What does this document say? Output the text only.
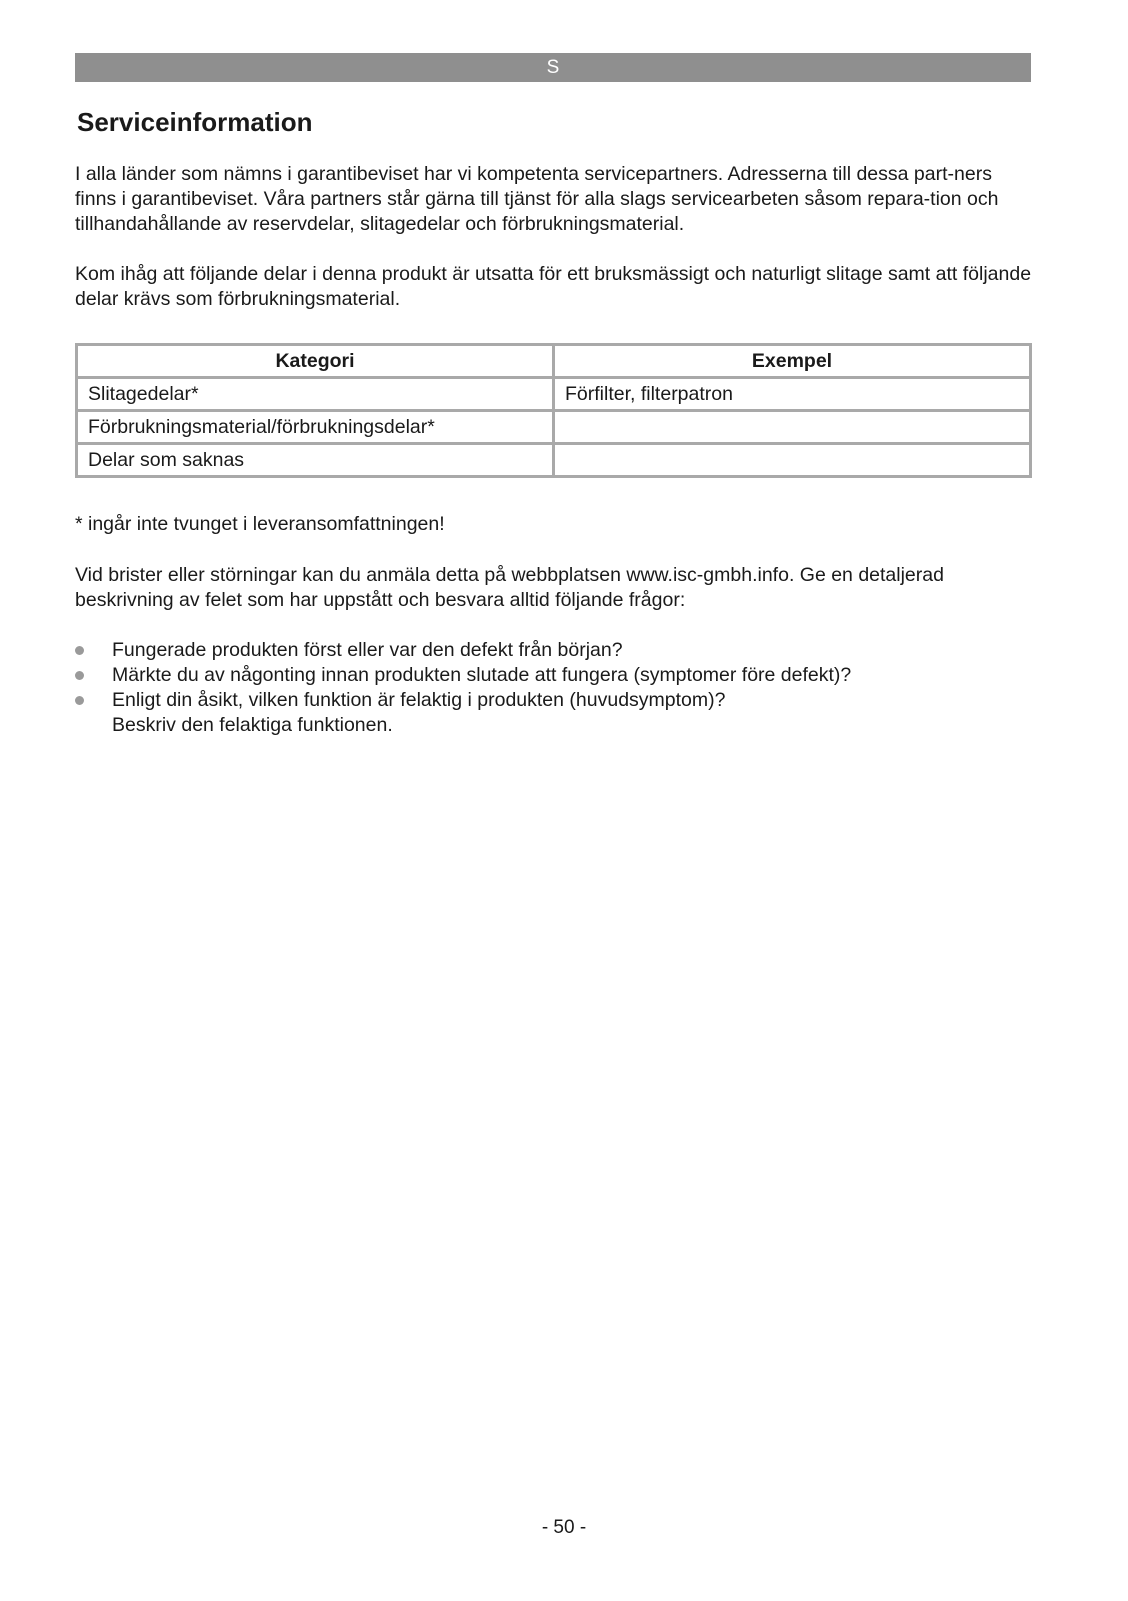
S
Serviceinformation

I alla länder som nämns i garantibeviset har vi kompetenta servicepartners. Adresserna till dessa part-ners finns i garantibeviset. Våra partners står gärna till tjänst för alla slags servicearbeten såsom repara-tion och tillhandahållande av reservdelar, slitagedelar och förbrukningsmaterial.

Kom ihåg att följande delar i denna produkt är utsatta för ett bruksmässigt och naturligt slitage samt att följande delar krävs som förbrukningsmaterial.

Kategori	Exempel
Slitagedelar*	Förfilter, filterpatron
Förbrukningsmaterial/förbrukningsdelar*	
Delar som saknas	

* ingår inte tvunget i leveransomfattningen!

Vid brister eller störningar kan du anmäla detta på webbplatsen www.isc-gmbh.info. Ge en detaljerad beskrivning av felet som har uppstått och besvara alltid följande frågor:

Fungerade produkten först eller var den defekt från början?
Märkte du av någonting innan produkten slutade att fungera (symptomer före defekt)?
Enligt din åsikt, vilken funktion är felaktig i produkten (huvudsymptom)?
Beskriv den felaktiga funktionen.
- 50 -
